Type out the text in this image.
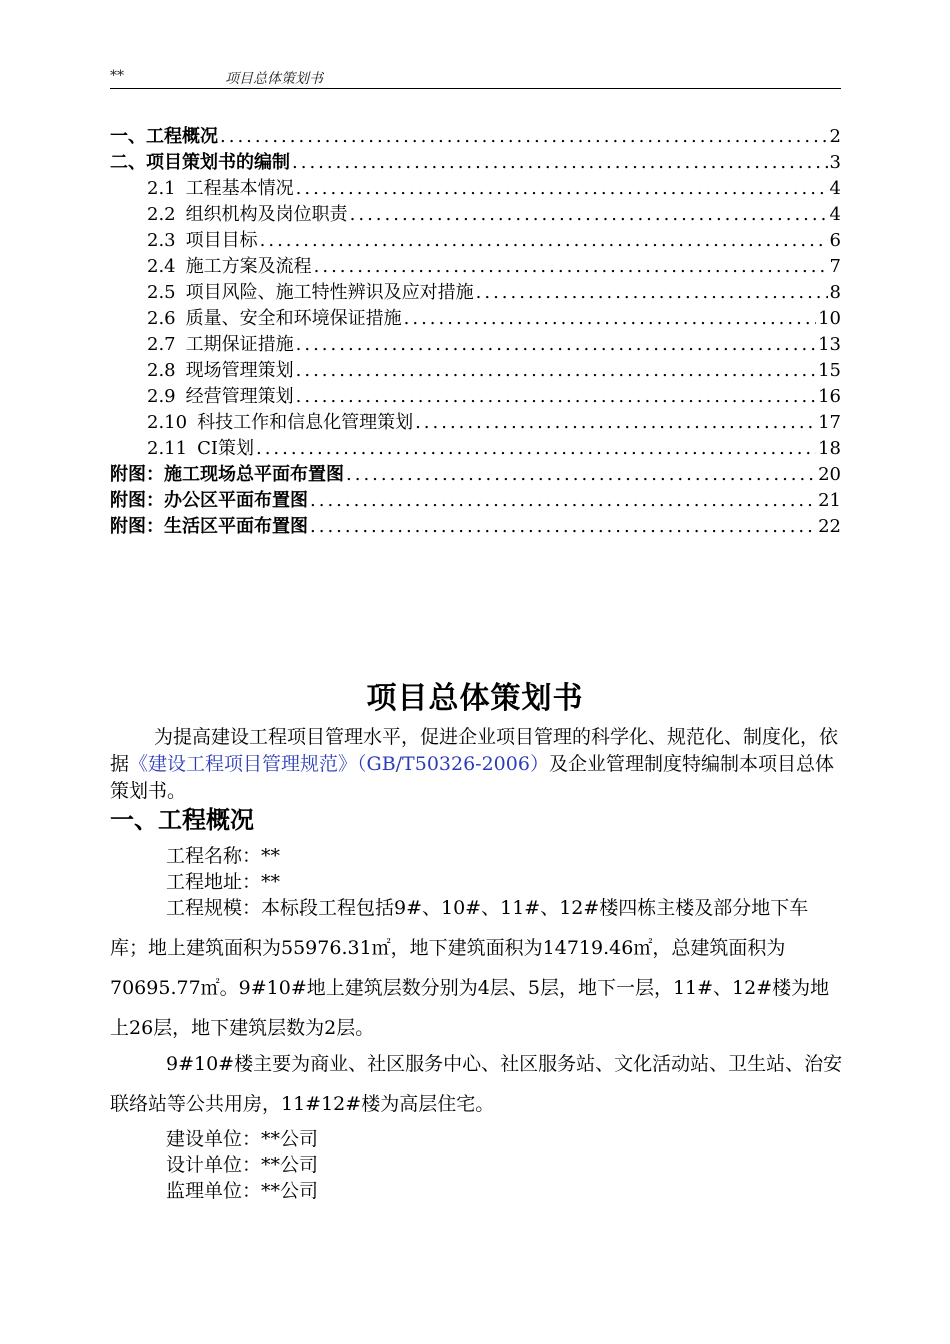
**	项目总体策划书
一、工程概况 .....	2
二、项目策划书的编制 .....	3
2.1 工程基本情况 .....	4
2.2 组织机构及岗位职责 .....	4
2.3 项目目标 .....	6
2.4 施工方案及流程 .....	7
2.5 项目风险、施工特性辨识及应对措施 .....	8
2.6 质量、安全和环境保证措施 .....	10
2.7 工期保证措施 .....	13
2.8 现场管理策划 .....	15
2.9 经营管理策划 .....	16
2.10 科技工作和信息化管理策划 .....	17
2.11 CI策划 .....	18
附图：施工现场总平面布置图 .....	20
附图：办公区平面布置图 .....	21
附图：生活区平面布置图 .....	22
项目总体策划书
为提高建设工程项目管理水平，促进企业项目管理的科学化、规范化、制度化，依据《建设工程项目管理规范》（GB/T50326-2006）及企业管理制度特编制本项目总体策划书。
一、工程概况
工程名称：**
工程地址：**
工程规模：本标段工程包括9#、10#、11#、12#楼四栋主楼及部分地下车库；地上建筑面积为55976.31㎡，地下建筑面积为14719.46㎡，总建筑面积为70695.77㎡。9#10#地上建筑层数分别为4层、5层，地下一层，11#、12#楼为地上26层，地下建筑层数为2层。
9#10#楼主要为商业、社区服务中心、社区服务站、文化活动站、卫生站、治安联络站等公共用房，11#12#楼为高层住宅。
建设单位：**公司
设计单位：**公司
监理单位：**公司
